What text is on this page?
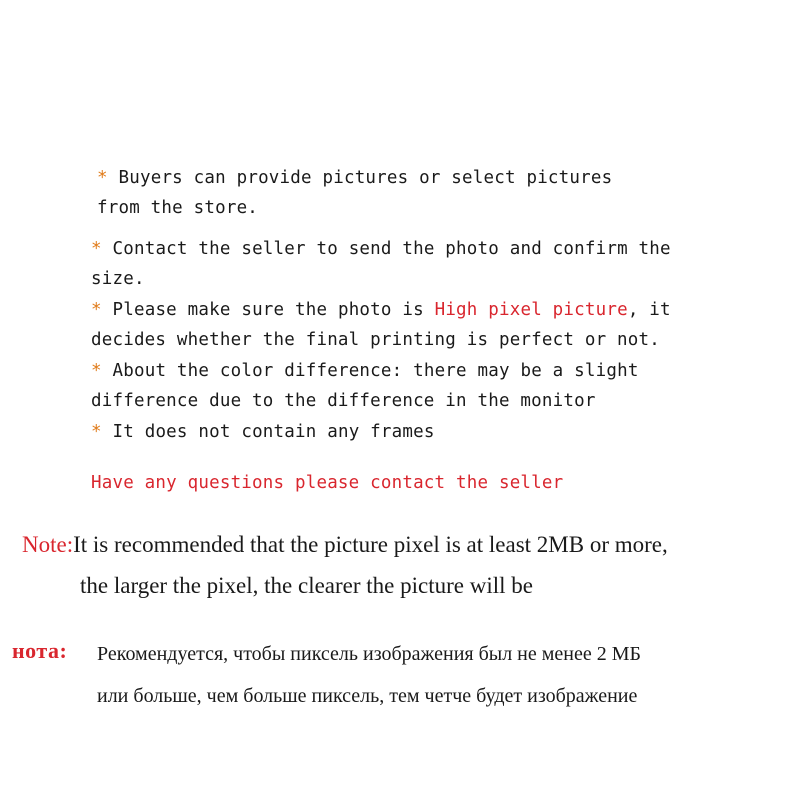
* Buyers can provide pictures or select pictures
from the store.
* Contact the seller to send the photo and confirm the
size.
* Please make sure the photo is High pixel picture, it
decides whether the final printing is perfect or not.
* About the color difference: there may be a slight
difference due to the difference in the monitor
* It does not contain any frames
Have any questions please contact the seller
Note:It is recommended that the picture pixel is at least 2MB or more,
the larger the pixel, the clearer the picture will be
нота: Рекомендуется, чтобы пиксель изображения был не менее 2 МБ
или больше, чем больше пиксель, тем четче будет изображение
